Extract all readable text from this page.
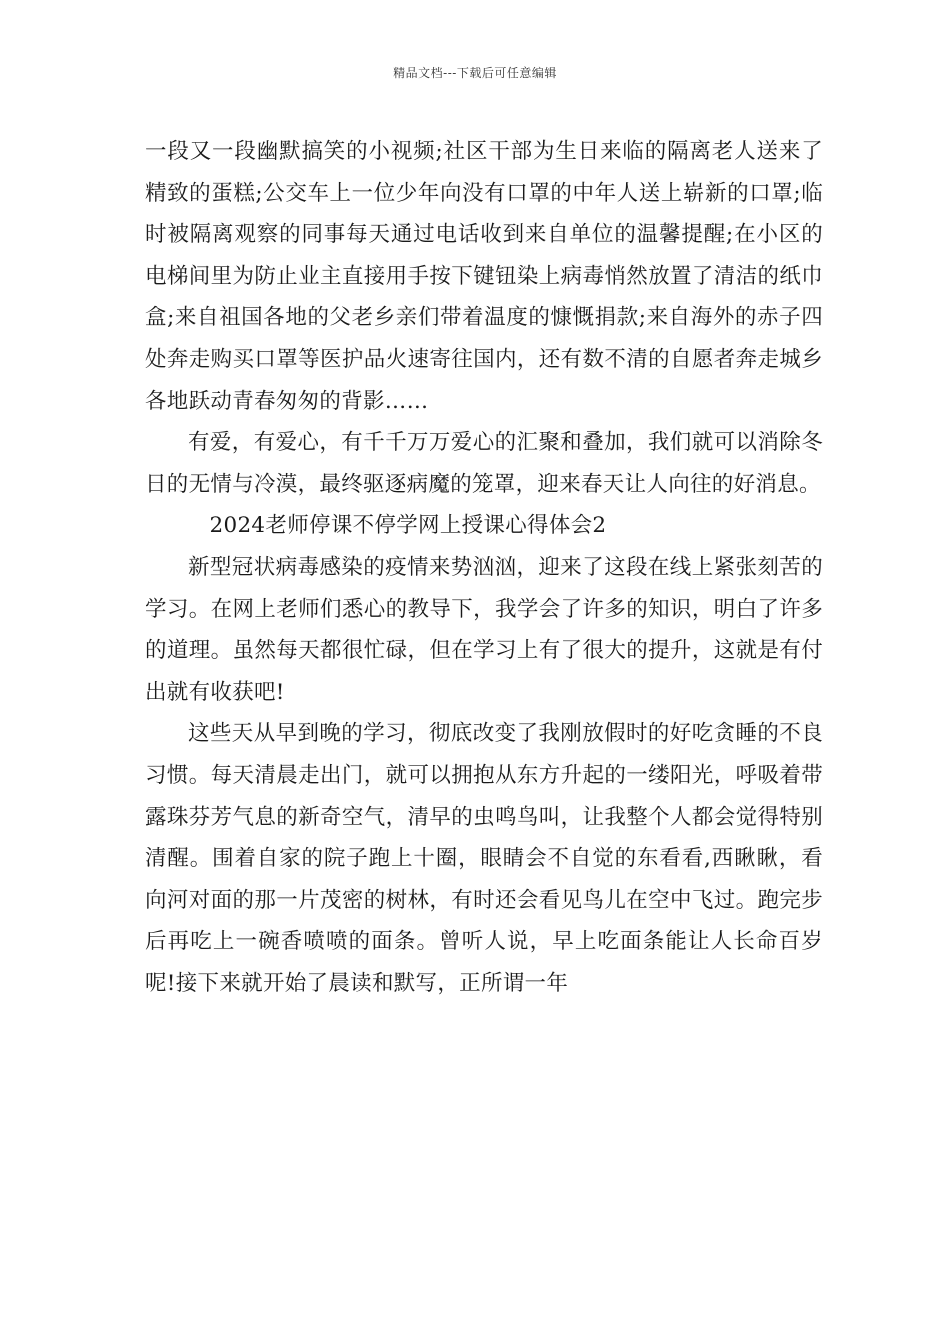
精品文档---下载后可任意编辑

一段又一段幽默搞笑的小视频;社区干部为生日来临的隔离老人送来了精致的蛋糕;公交车上一位少年向没有口罩的中年人送上崭新的口罩;临时被隔离观察的同事每天通过电话收到来自单位的温馨提醒;在小区的电梯间里为防止业主直接用手按下键钮染上病毒悄然放置了清洁的纸巾盒;来自祖国各地的父老乡亲们带着温度的慷慨捐款;来自海外的赤子四处奔走购买口罩等医护品火速寄往国内，还有数不清的自愿者奔走城乡各地跃动青春匆匆的背影……

有爱，有爱心，有千千万万爱心的汇聚和叠加，我们就可以消除冬日的无情与冷漠，最终驱逐病魔的笼罩，迎来春天让人向往的好消息。

2024老师停课不停学网上授课心得体会2

新型冠状病毒感染的疫情来势汹汹，迎来了这段在线上紧张刻苦的学习。在网上老师们悉心的教导下，我学会了许多的知识，明白了许多的道理。虽然每天都很忙碌，但在学习上有了很大的提升，这就是有付出就有收获吧!

这些天从早到晚的学习，彻底改变了我刚放假时的好吃贪睡的不良习惯。每天清晨走出门，就可以拥抱从东方升起的一缕阳光，呼吸着带露珠芬芳气息的新奇空气，清早的虫鸣鸟叫，让我整个人都会觉得特别清醒。围着自家的院子跑上十圈，眼睛会不自觉的东看看,西瞅瞅，看向河对面的那一片茂密的树林，有时还会看见鸟儿在空中飞过。跑完步后再吃上一碗香喷喷的面条。曾听人说，早上吃面条能让人长命百岁呢!接下来就开始了晨读和默写，正所谓一年
